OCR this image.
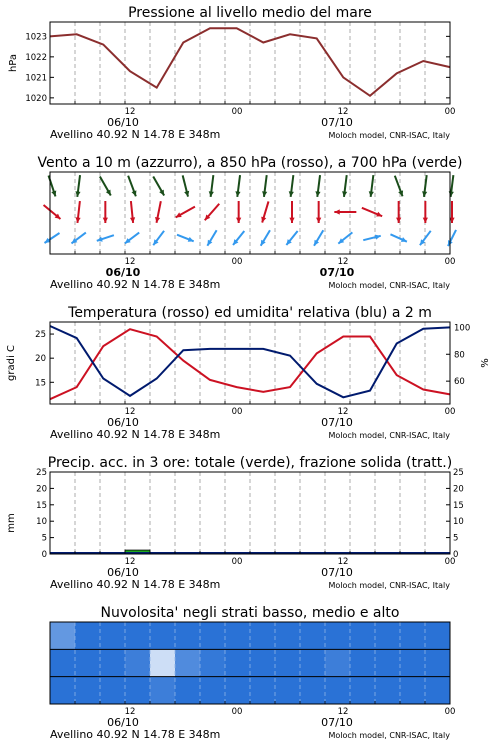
1020
1021
1022
1023
hPa
12	00	12	00
06/10	07/10
Avellino 40.92 N 14.78 E 348m	Moloch model, CNR-ISAC, Italy
Pressione al livello medio del mare
12	00	12	00
06/10	07/10
Avellino 40.92 N 14.78 E 348m	Moloch model, CNR-ISAC, Italy
Vento a 10 m (azzurro), a 850 hPa (rosso), a 700 hPa (verde)
15
20
25
60
80
100
gradi C	%
12	00	12	00
06/10	07/10
Avellino 40.92 N 14.78 E 348m	Moloch model, CNR-ISAC, Italy
Temperatura (rosso) ed umidita' relativa (blu) a 2 m
0	0
5	5
10	10
15	15
20	20
25	25
mm
12	00	12	00
06/10	07/10
Avellino 40.92 N 14.78 E 348m	Moloch model, CNR-ISAC, Italy
Precip. acc. in 3 ore: totale (verde), frazione solida (tratt.)
12	00	12	00
06/10	07/10
Avellino 40.92 N 14.78 E 348m	Moloch model, CNR-ISAC, Italy
Nuvolosita' negli strati basso, medio e alto
